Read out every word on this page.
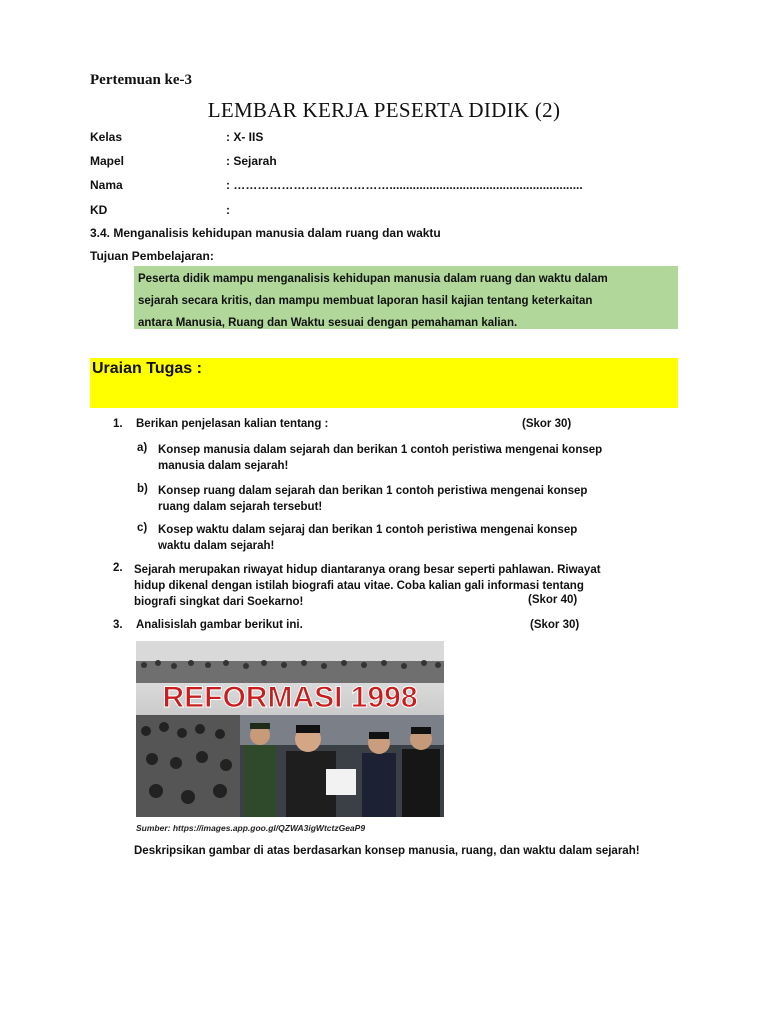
Pertemuan ke-3
LEMBAR KERJA PESERTA DIDIK (2)
Kelas	: X- IIS
Mapel	: Sejarah
Nama	: …………………………………..........................................................
KD	:
3.4. Menganalisis kehidupan manusia dalam ruang dan waktu
Tujuan Pembelajaran:

Peserta didik mampu menganalisis kehidupan manusia dalam ruang dan waktu dalam

sejarah secara kritis, dan mampu membuat laporan hasil kajian tentang keterkaitan

antara Manusia, Ruang dan Waktu sesuai dengan pemahaman kalian.

Uraian Tugas :
1. Berikan penjelasan kalian tentang :	(Skor 30)
a) Konsep manusia dalam sejarah dan berikan 1 contoh peristiwa mengenai konsep
manusia dalam sejarah!
b) Konsep ruang dalam sejarah dan berikan 1 contoh peristiwa mengenai konsep
ruang dalam sejarah tersebut!
c) Kosep waktu dalam sejaraj dan berikan 1 contoh peristiwa mengenai konsep
waktu dalam sejarah!
2. Sejarah merupakan riwayat hidup diantaranya orang besar seperti pahlawan. Riwayat
hidup dikenal dengan istilah biografi atau vitae. Coba kalian gali informasi tentang
biografi singkat dari Soekarno!	(Skor 40)
3. Analisislah gambar berikut ini.	(Skor 30)
REFORMASI 1998
Sumber: https://images.app.goo.gl/QZWA3igWtctzGeaP9
Deskripsikan gambar di atas berdasarkan konsep manusia, ruang, dan waktu dalam sejarah!
